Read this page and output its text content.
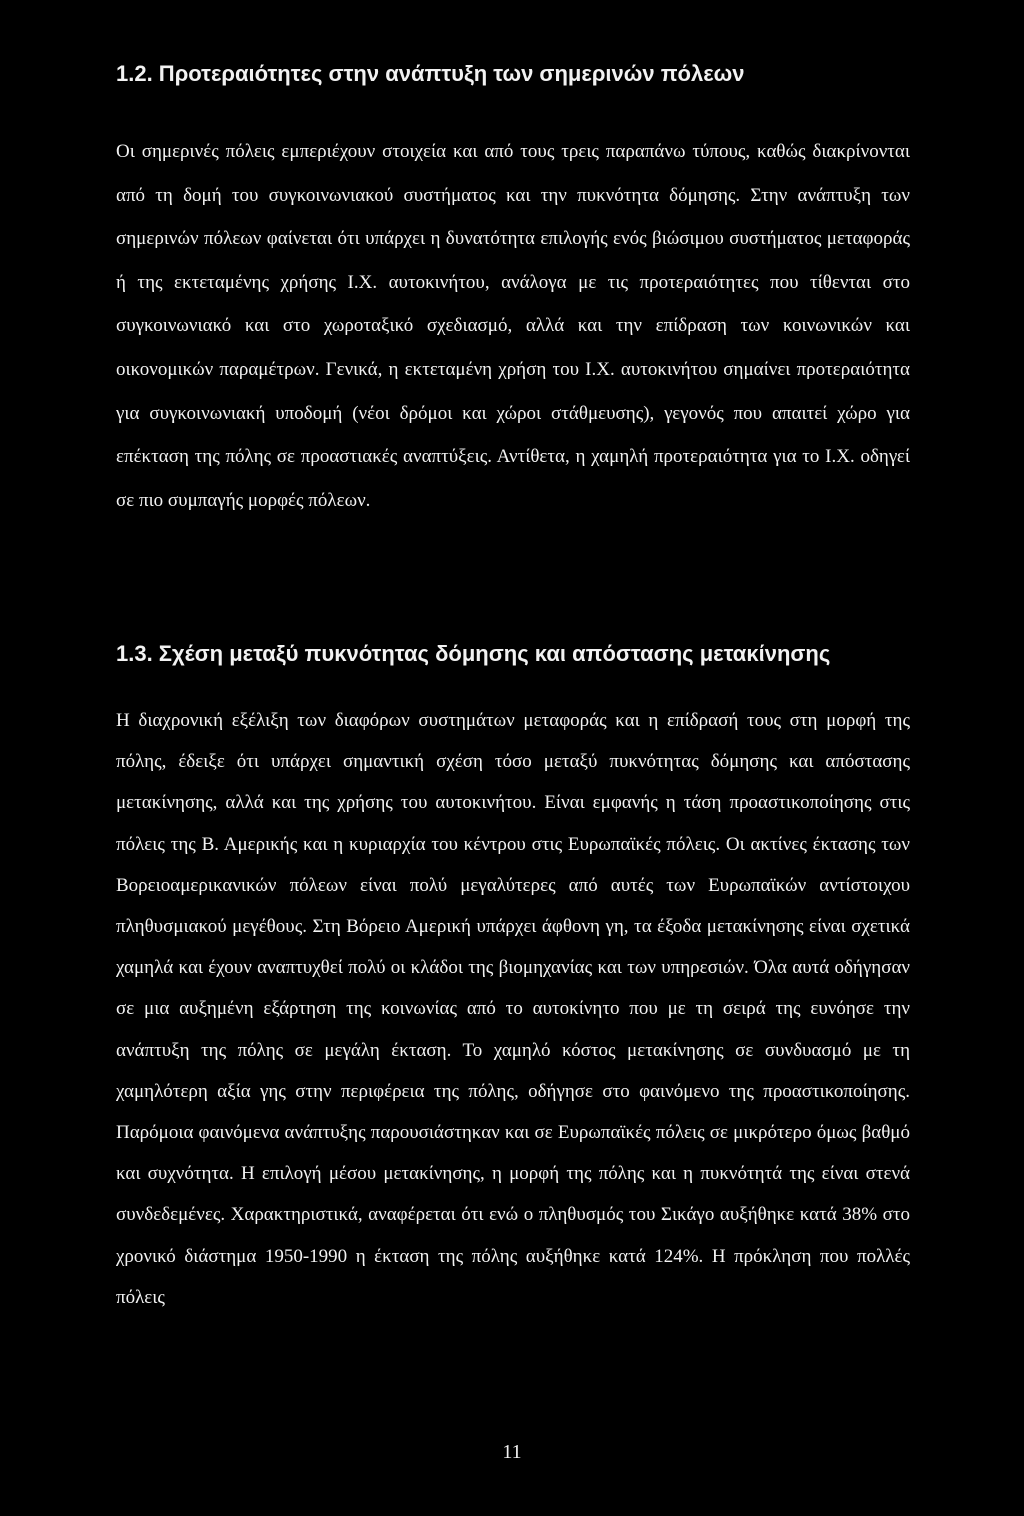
1.2. Προτεραιότητες στην ανάπτυξη των σημερινών πόλεων

Οι σημερινές πόλεις εμπεριέχουν στοιχεία και από τους τρεις παραπάνω τύπους, καθώς διακρίνονται από τη δομή του συγκοινωνιακού συστήματος και την πυκνότητα δόμησης. Στην ανάπτυξη των σημερινών πόλεων φαίνεται ότι υπάρχει η δυνατότητα επιλογής ενός βιώσιμου συστήματος μεταφοράς ή της εκτεταμένης χρήσης Ι.Χ. αυτοκινήτου, ανάλογα με τις προτεραιότητες που τίθενται στο συγκοινωνιακό και στο χωροταξικό σχεδιασμό, αλλά και την επίδραση των κοινωνικών και οικονομικών παραμέτρων. Γενικά, η εκτεταμένη χρήση του Ι.Χ. αυτοκινήτου σημαίνει προτεραιότητα για συγκοινωνιακή υποδομή (νέοι δρόμοι και χώροι στάθμευσης), γεγονός που απαιτεί χώρο για επέκταση της πόλης σε προαστιακές αναπτύξεις. Αντίθετα, η χαμηλή προτεραιότητα για το Ι.Χ. οδηγεί σε πιο συμπαγής μορφές πόλεων.

1.3. Σχέση μεταξύ πυκνότητας δόμησης και απόστασης μετακίνησης

Η διαχρονική εξέλιξη των διαφόρων συστημάτων μεταφοράς και η επίδρασή τους στη μορφή της πόλης, έδειξε ότι υπάρχει σημαντική σχέση τόσο μεταξύ πυκνότητας δόμησης και απόστασης μετακίνησης, αλλά και της χρήσης του αυτοκινήτου. Είναι εμφανής η τάση προαστικοποίησης στις πόλεις της Β. Αμερικής και η κυριαρχία του κέντρου στις Ευρωπαϊκές πόλεις. Οι ακτίνες έκτασης των Βορειοαμερικανικών πόλεων είναι πολύ μεγαλύτερες από αυτές των Ευρωπαϊκών αντίστοιχου πληθυσμιακού μεγέθους. Στη Βόρειο Αμερική υπάρχει άφθονη γη, τα έξοδα μετακίνησης είναι σχετικά χαμηλά και έχουν αναπτυχθεί πολύ οι κλάδοι της βιομηχανίας και των υπηρεσιών. Όλα αυτά οδήγησαν σε μια αυξημένη εξάρτηση της κοινωνίας από το αυτοκίνητο που με τη σειρά της ευνόησε την ανάπτυξη της πόλης σε μεγάλη έκταση. Το χαμηλό κόστος μετακίνησης σε συνδυασμό με τη χαμηλότερη αξία γης στην περιφέρεια της πόλης, οδήγησε στο φαινόμενο της προαστικοποίησης. Παρόμοια φαινόμενα ανάπτυξης παρουσιάστηκαν και σε Ευρωπαϊκές πόλεις σε μικρότερο όμως βαθμό και συχνότητα. Η επιλογή μέσου μετακίνησης, η μορφή της πόλης και η πυκνότητά της είναι στενά συνδεδεμένες. Χαρακτηριστικά, αναφέρεται ότι ενώ ο πληθυσμός του Σικάγο αυξήθηκε κατά 38% στο χρονικό διάστημα 1950-1990 η έκταση της πόλης αυξήθηκε κατά 124%. Η πρόκληση που πολλές πόλεις

11
